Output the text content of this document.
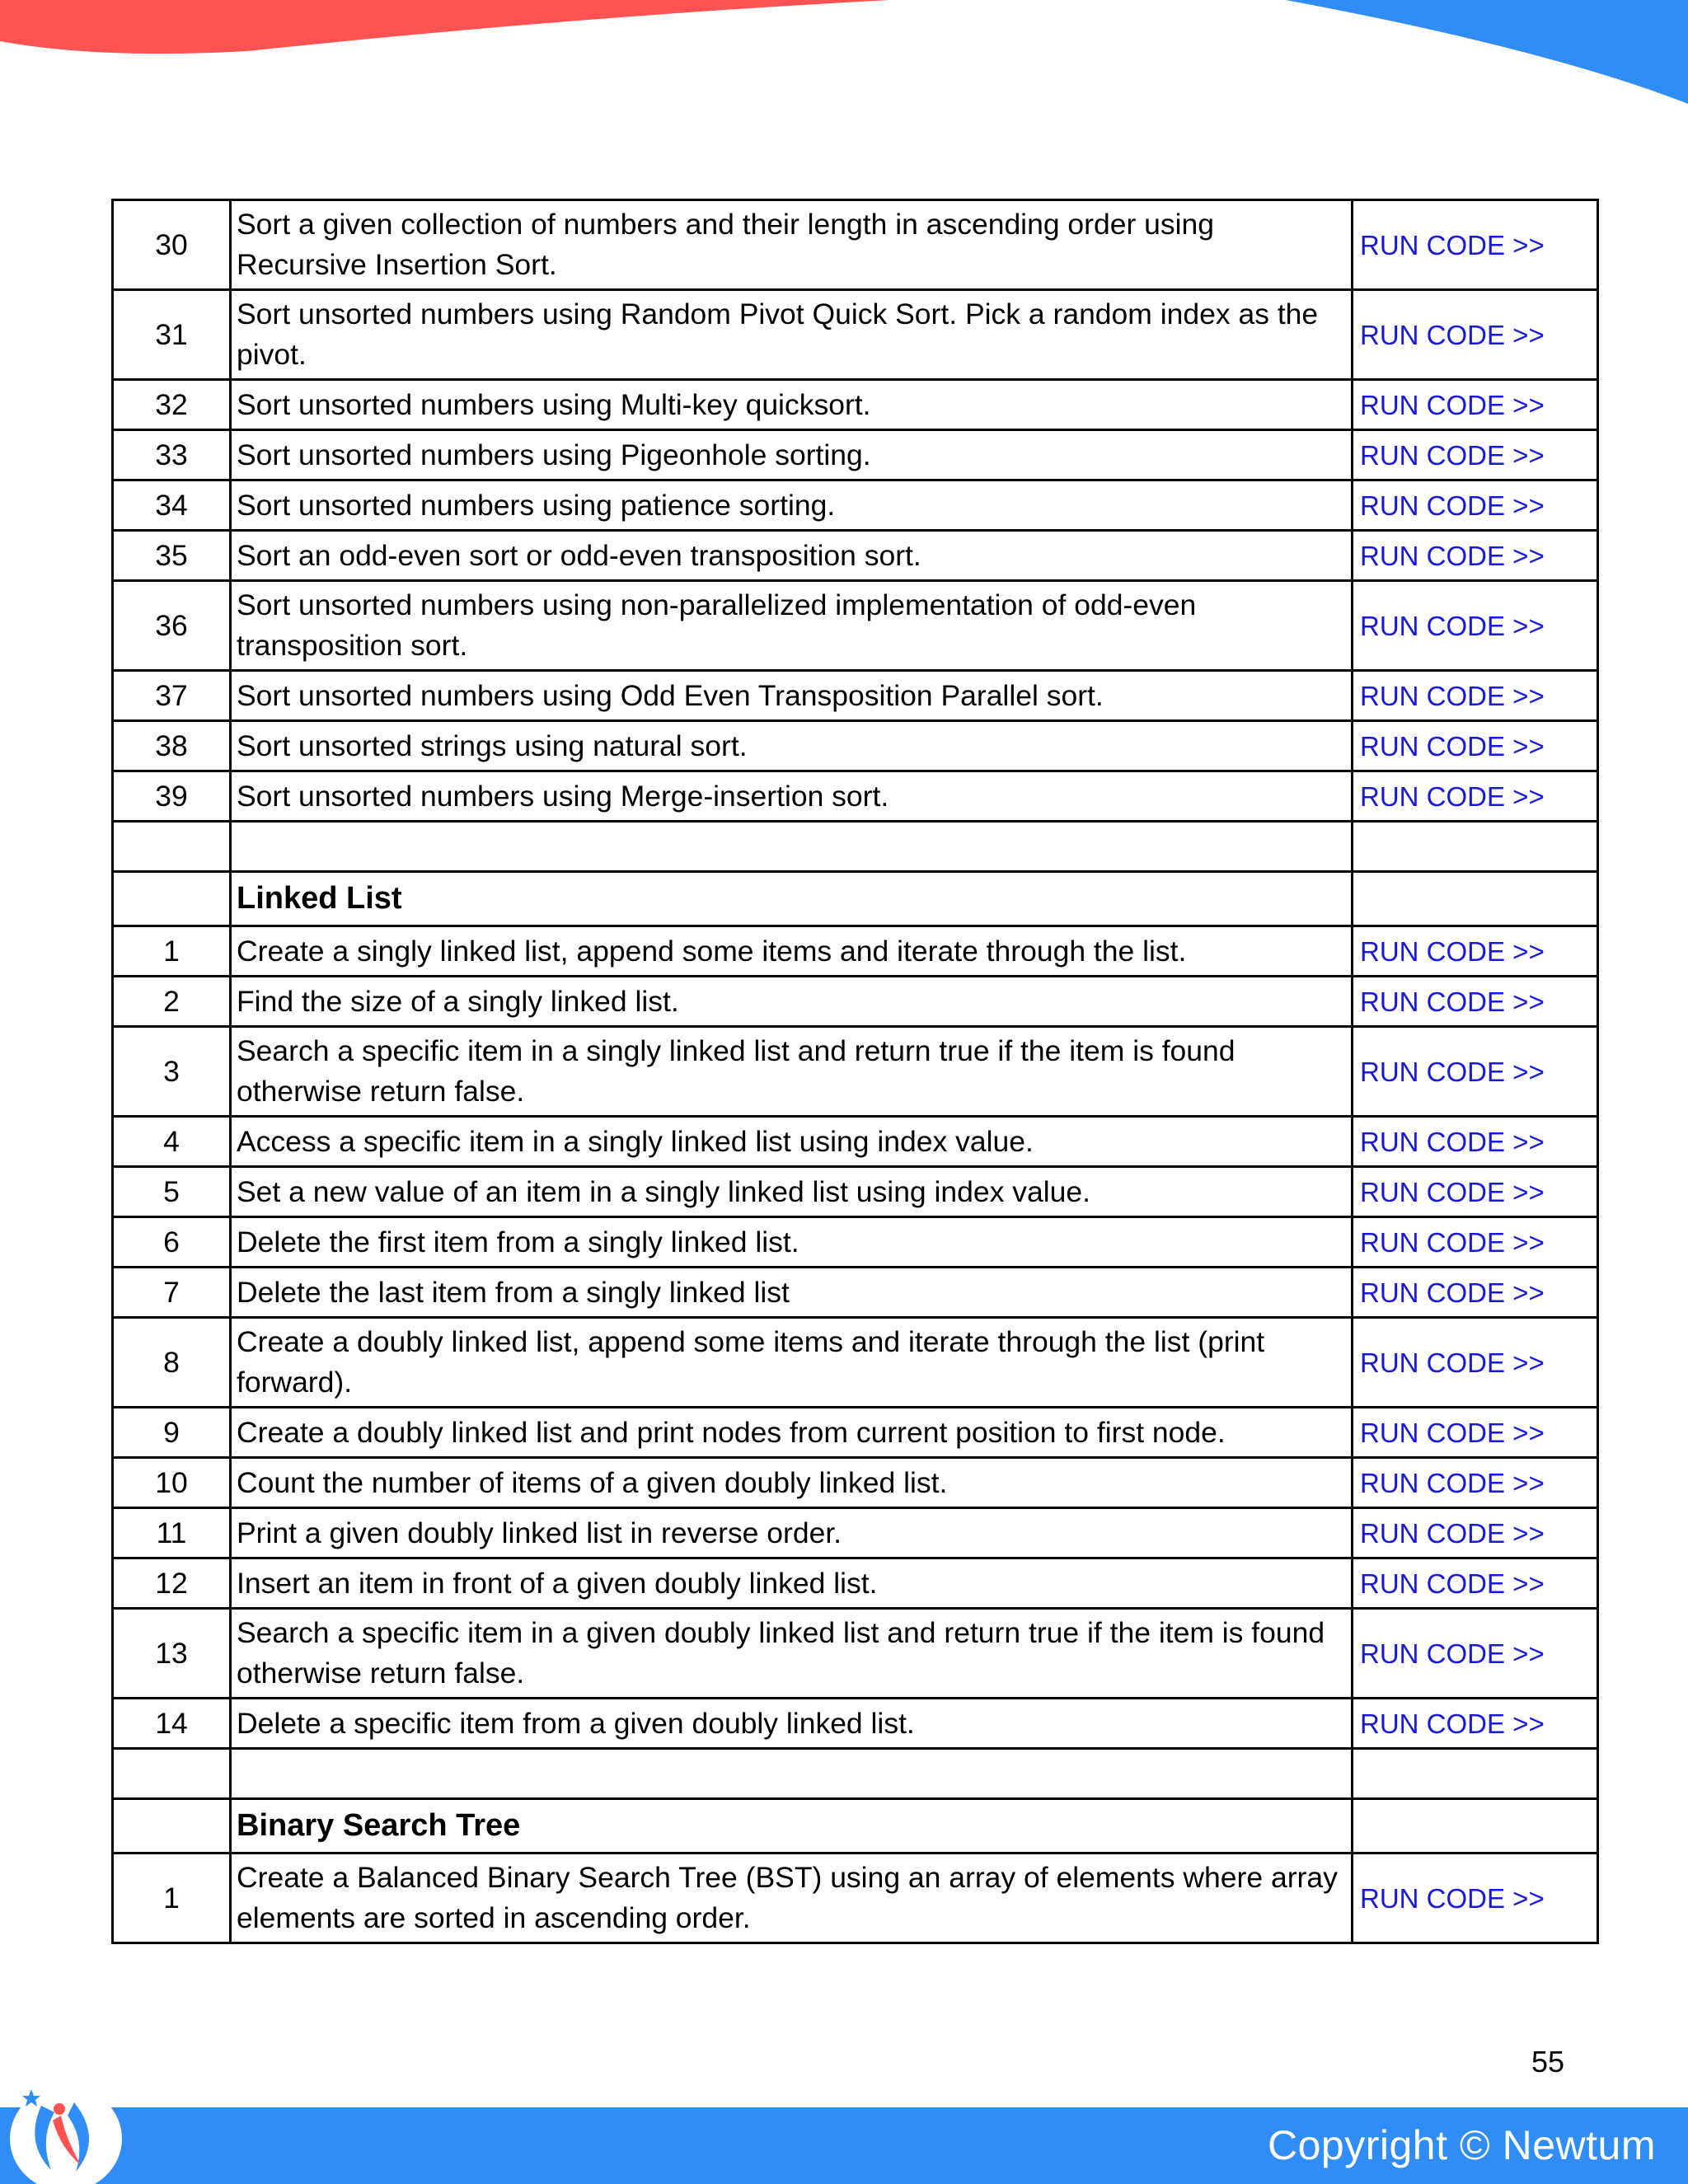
30	Sort a given collection of numbers and their length in ascending order using Recursive Insertion Sort.	RUN CODE >>
31	Sort unsorted numbers using Random Pivot Quick Sort. Pick a random index as the pivot.	RUN CODE >>
32	Sort unsorted numbers using Multi-key quicksort.	RUN CODE >>
33	Sort unsorted numbers using Pigeonhole sorting.	RUN CODE >>
34	Sort unsorted numbers using patience sorting.	RUN CODE >>
35	Sort an odd-even sort or odd-even transposition sort.	RUN CODE >>
36	Sort unsorted numbers using non-parallelized implementation of odd-even transposition sort.	RUN CODE >>
37	Sort unsorted numbers using Odd Even Transposition Parallel sort.	RUN CODE >>
38	Sort unsorted strings using natural sort.	RUN CODE >>
39	Sort unsorted numbers using Merge-insertion sort.	RUN CODE >>

	Linked List	
1	Create a singly linked list, append some items and iterate through the list.	RUN CODE >>
2	Find the size of a singly linked list.	RUN CODE >>
3	Search a specific item in a singly linked list and return true if the item is found otherwise return false.	RUN CODE >>
4	Access a specific item in a singly linked list using index value.	RUN CODE >>
5	Set a new value of an item in a singly linked list using index value.	RUN CODE >>
6	Delete the first item from a singly linked list.	RUN CODE >>
7	Delete the last item from a singly linked list	RUN CODE >>
8	Create a doubly linked list, append some items and iterate through the list (print forward).	RUN CODE >>
9	Create a doubly linked list and print nodes from current position to first node.	RUN CODE >>
10	Count the number of items of a given doubly linked list.	RUN CODE >>
11	Print a given doubly linked list in reverse order.	RUN CODE >>
12	Insert an item in front of a given doubly linked list.	RUN CODE >>
13	Search a specific item in a given doubly linked list and return true if the item is found otherwise return false.	RUN CODE >>
14	Delete a specific item from a given doubly linked list.	RUN CODE >>

	Binary Search Tree	
1	Create a Balanced Binary Search Tree (BST) using an array of elements where array elements are sorted in ascending order.	RUN CODE >>
55
Copyright © Newtum
